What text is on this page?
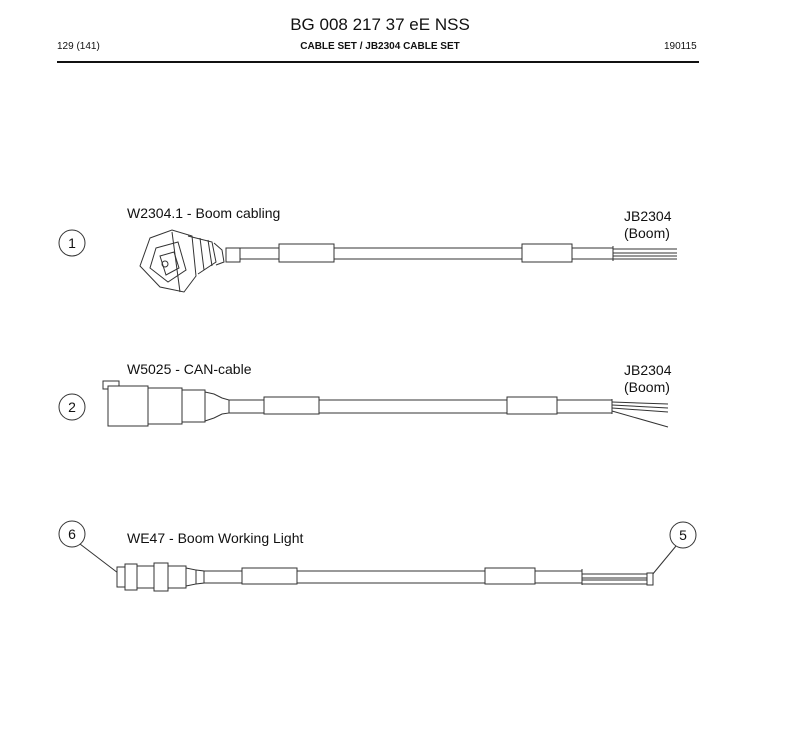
BG 008 217 37 eE NSS
129 (141)	CABLE SET / JB2304 CABLE SET	190115
1
W2304.1 - Boom cabling	JB2304
(Boom)
2
W5025 - CAN-cable	JB2304
(Boom)
6	5
WE47 - Boom Working Light
